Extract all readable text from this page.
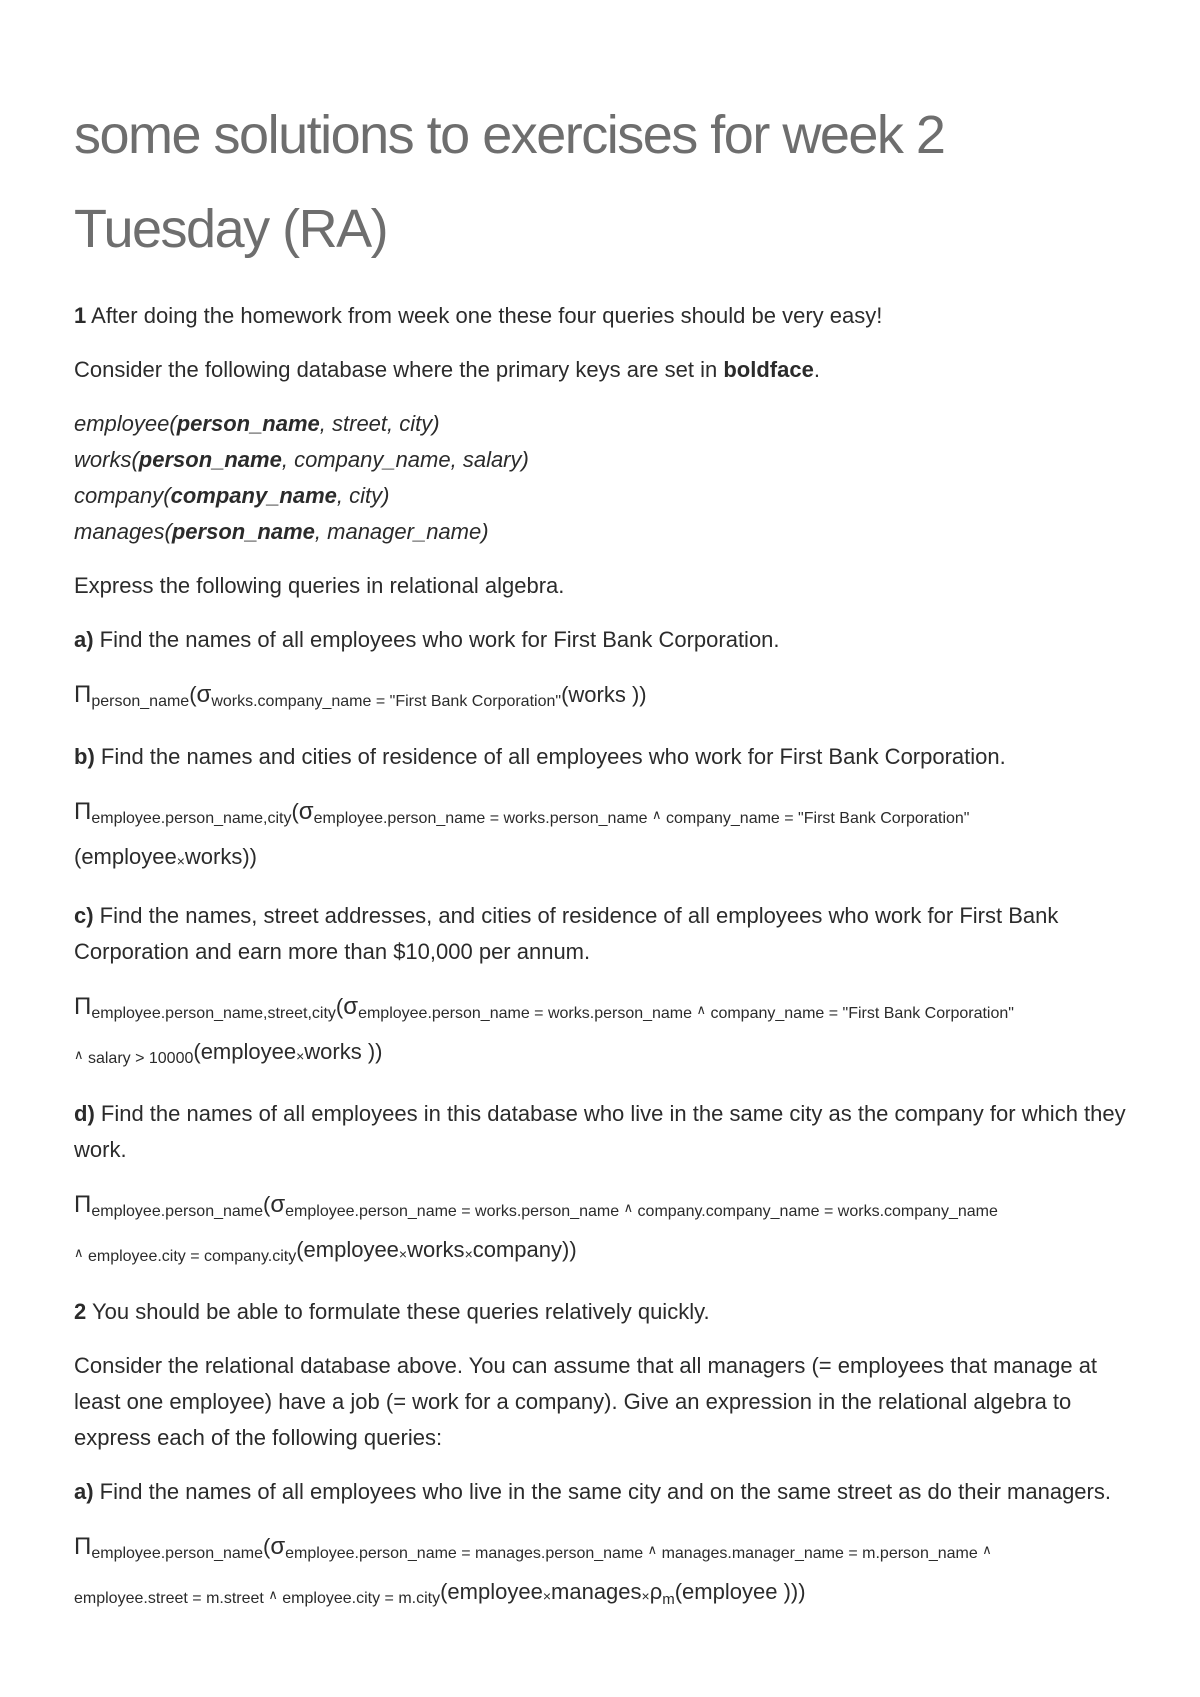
some solutions to exercises for week 2 Tuesday (RA)

1 After doing the homework from week one these four queries should be very easy!

Consider the following database where the primary keys are set in boldface.

employee(person_name, street, city)
works(person_name, company_name, salary)
company(company_name, city)
manages(person_name, manager_name)

Express the following queries in relational algebra.

a) Find the names of all employees who work for First Bank Corporation.

$\Pi_{person\_name}(\sigma_{works.company\_name = "First Bank Corporation"}(works$ ))

b) Find the names and cities of residence of all employees who work for First Bank Corporation.

$\Pi_{employee.person\_name,city}(\sigma_{employee.person\_name = works.person\_name}$ ∧ $_{company\_name = "First Bank Corporation"}$
(employee×works))

c) Find the names, street addresses, and cities of residence of all employees who work for First Bank Corporation and earn more than $10,000 per annum.

$\Pi_{employee.person\_name,street,city}(\sigma_{employee.person\_name = works.person\_name}$ ∧ $_{company\_name = "First Bank Corporation"}$
∧ $_{salary > 10000}$(employee×works ))

d) Find the names of all employees in this database who live in the same city as the company for which they work.

$\Pi_{employee.person\_name}(\sigma_{employee.person\_name = works.person\_name}$ ∧ $_{company.company\_name = works.company\_name}$
∧ $_{employee.city = company.city}$(employee×works×company))

2 You should be able to formulate these queries relatively quickly.

Consider the relational database above. You can assume that all managers (= employees that manage at least one employee) have a job (= work for a company). Give an expression in the relational algebra to express each of the following queries:

a) Find the names of all employees who live in the same city and on the same street as do their managers.

$\Pi_{employee.person\_name}(\sigma_{employee.person\_name = manages.person\_name}$ ∧ $_{manages.manager\_name = m.person\_name}$ ∧
$_{employee.street = m.street}$ ∧ $_{employee.city = m.city}(employee\times manages\times\rho_m(employee$ )))
